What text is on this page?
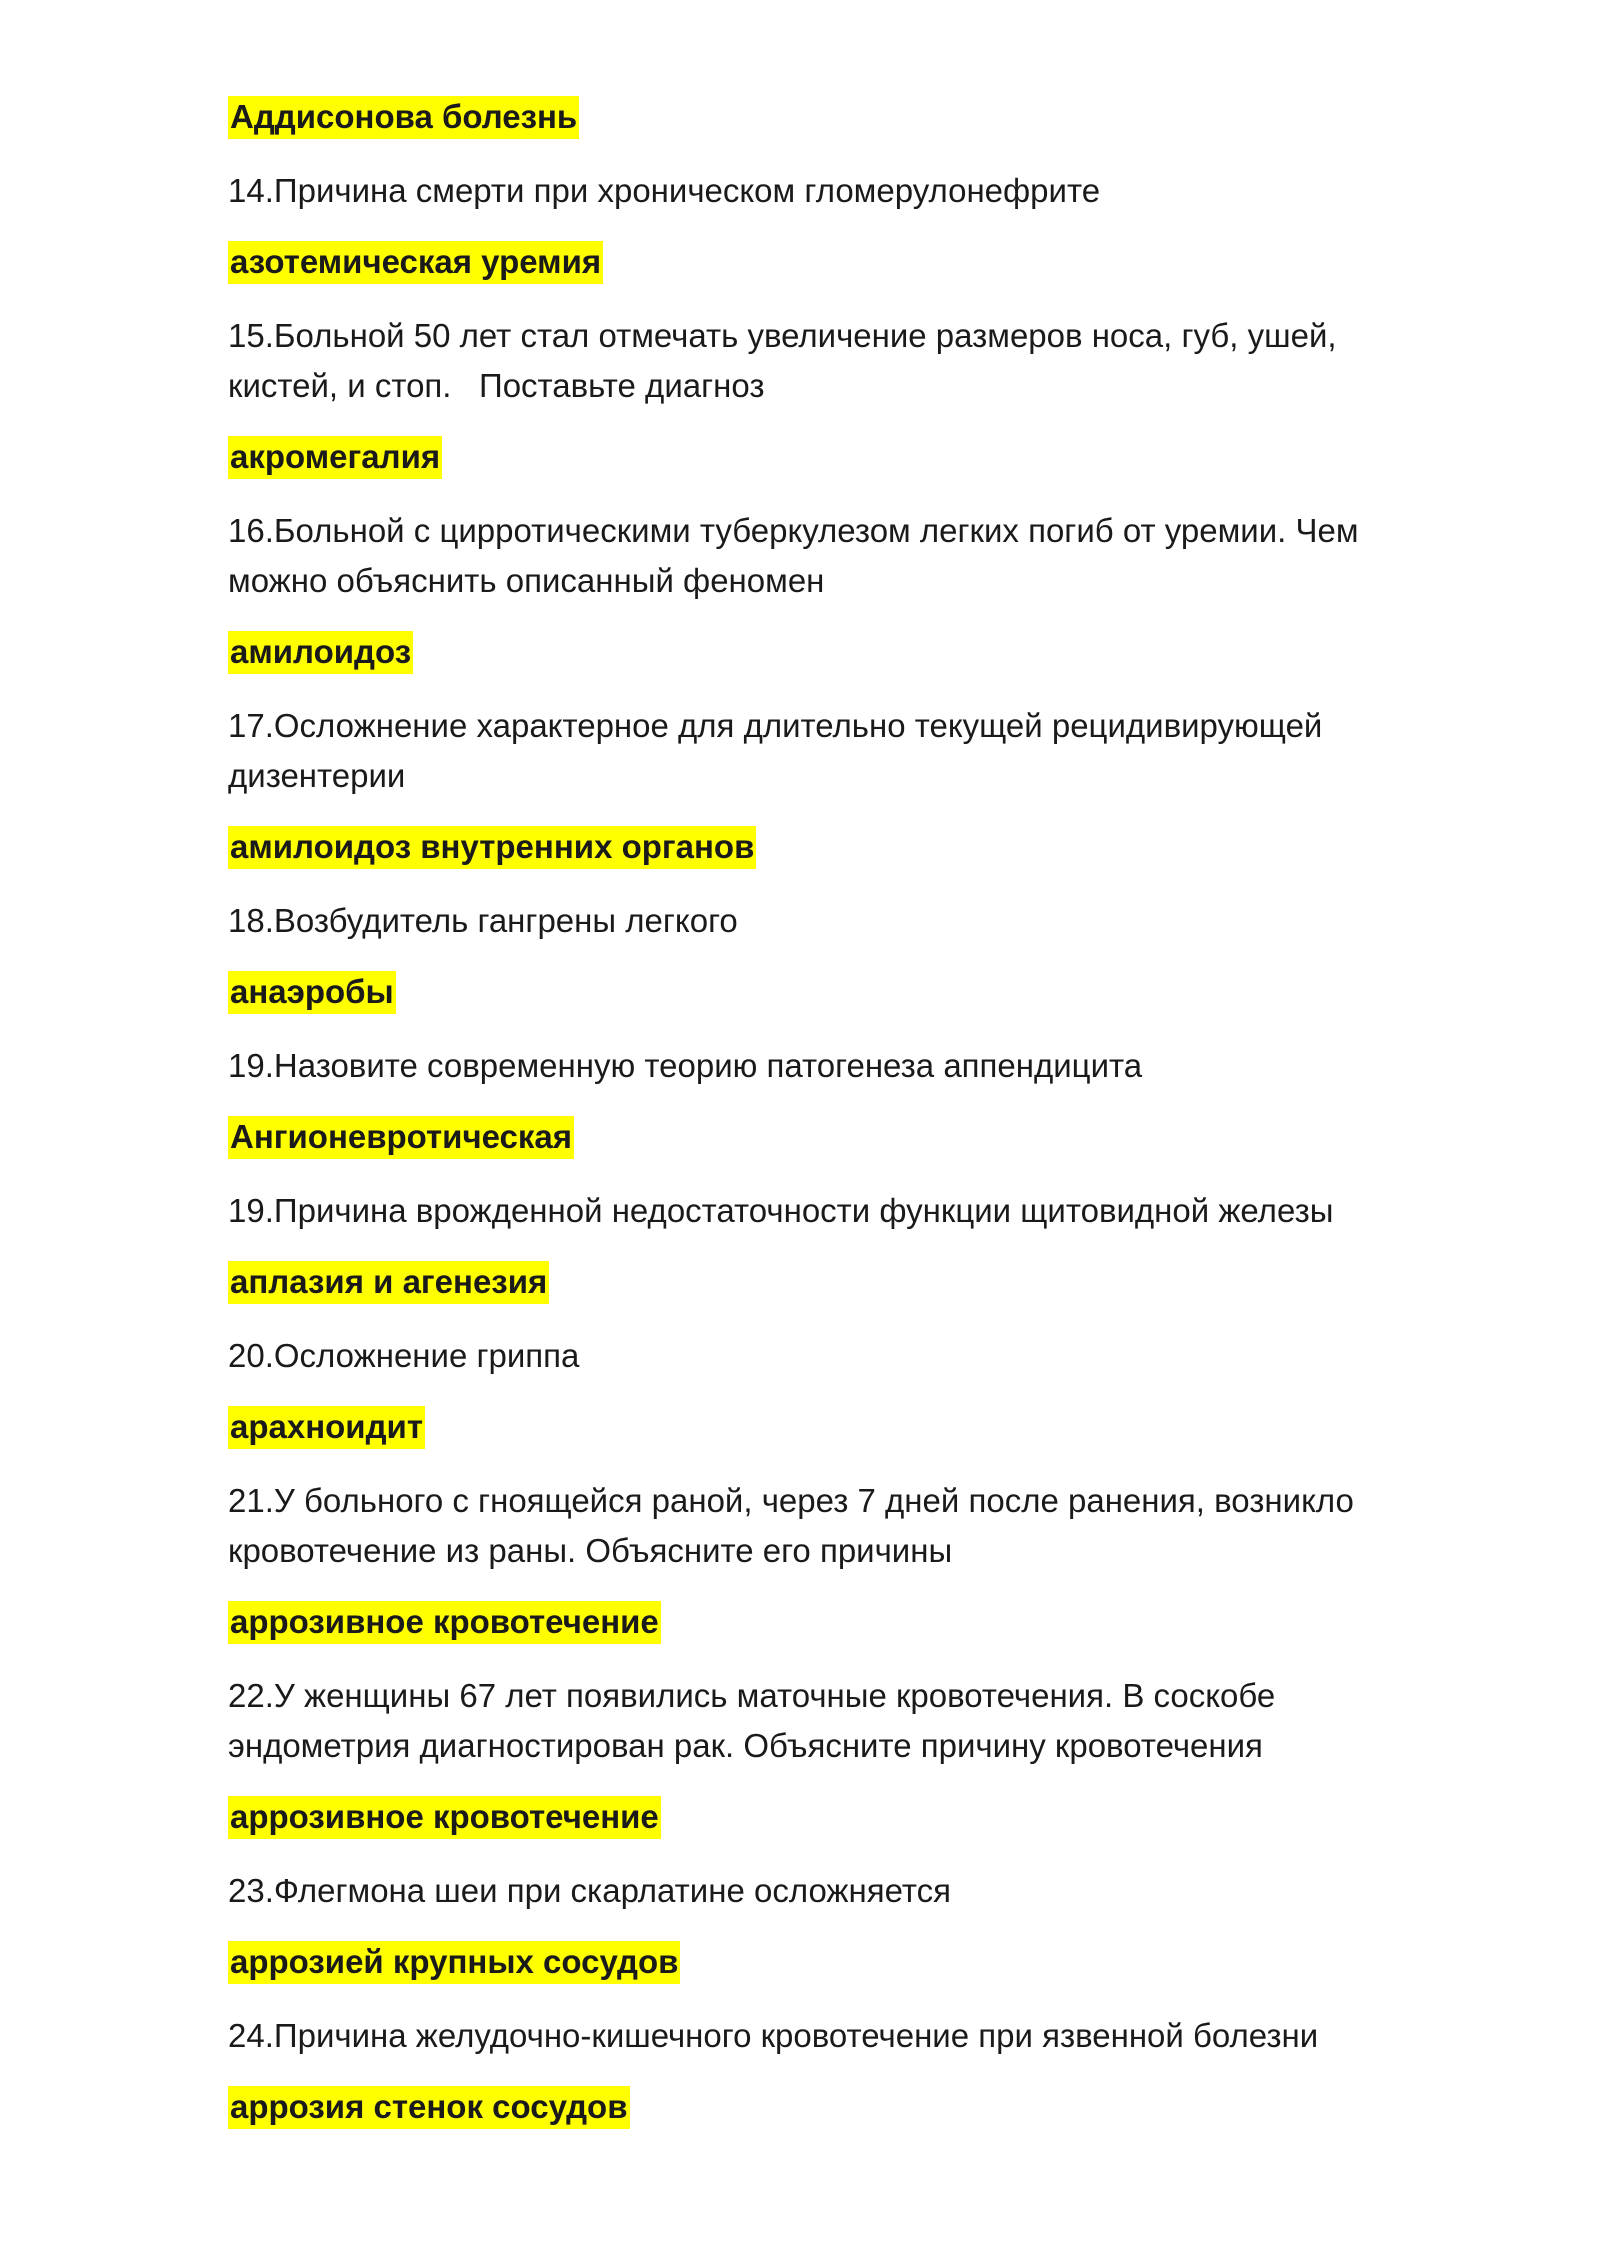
Аддисонова болезнь

14.Причина смерти при хроническом гломерулонефрите

азотемическая уремия

15.Больной 50 лет стал отмечать увеличение размеров носа, губ, ушей, кистей, и стоп.   Поставьте диагноз

акромегалия

16.Больной с цирротическими туберкулезом легких погиб от уремии. Чем можно объяснить описанный феномен

амилоидоз

17.Осложнение характерное для длительно текущей рецидивирующей дизентерии

амилоидоз внутренних органов

18.Возбудитель гангрены легкого

анаэробы

19.Назовите современную теорию патогенеза аппендицита

Ангионевротическая

19.Причина врожденной недостаточности функции щитовидной железы

аплазия и агенезия

20.Осложнение гриппа

арахноидит

21.У больного с гноящейся раной, через 7 дней после ранения, возникло кровотечение из раны. Объясните его причины

аррозивное кровотечение

22.У женщины 67 лет появились маточные кровотечения. В соскобе эндометрия диагностирован рак. Объясните причину кровотечения

аррозивное кровотечение

23.Флегмона шеи при скарлатине осложняется

аррозией крупных сосудов

24.Причина желудочно-кишечного кровотечение при язвенной болезни

аррозия стенок сосудов
